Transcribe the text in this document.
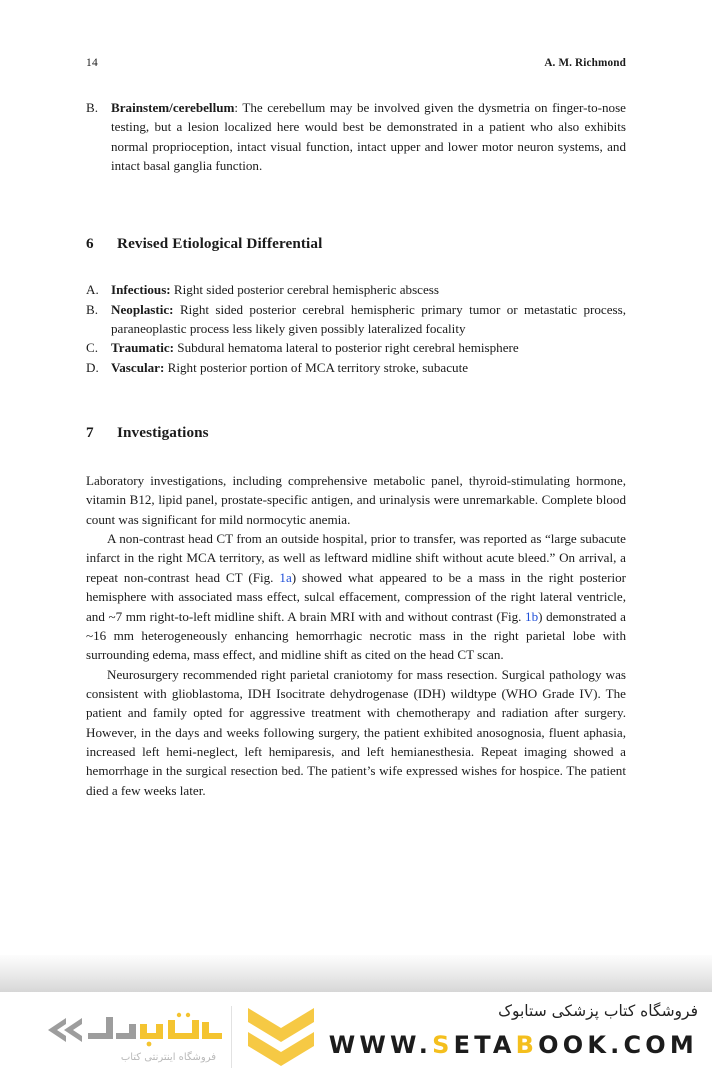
14	A. M. Richmond
B. Brainstem/cerebellum: The cerebellum may be involved given the dysmetria on finger-to-nose testing, but a lesion localized here would best be demonstrated in a patient who also exhibits normal proprioception, intact visual function, intact upper and lower motor neuron systems, and intact basal ganglia function.
6 Revised Etiological Differential
A. Infectious: Right sided posterior cerebral hemispheric abscess
B. Neoplastic: Right sided posterior cerebral hemispheric primary tumor or metastatic process, paraneoplastic process less likely given possibly lateralized focality
C. Traumatic: Subdural hematoma lateral to posterior right cerebral hemisphere
D. Vascular: Right posterior portion of MCA territory stroke, subacute
7 Investigations

Laboratory investigations, including comprehensive metabolic panel, thyroid-stimulating hormone, vitamin B12, lipid panel, prostate-specific antigen, and urinalysis were unremarkable. Complete blood count was significant for mild normocytic anemia.

A non-contrast head CT from an outside hospital, prior to transfer, was reported as “large subacute infarct in the right MCA territory, as well as leftward midline shift without acute bleed.” On arrival, a repeat non-contrast head CT (Fig. 1a) showed what appeared to be a mass in the right posterior hemisphere with associated mass effect, sulcal effacement, compression of the right lateral ventricle, and ~7 mm right-to-left midline shift. A brain MRI with and without contrast (Fig. 1b) demonstrated a ~16 mm heterogeneously enhancing hemorrhagic necrotic mass in the right parietal lobe with surrounding edema, mass effect, and midline shift as cited on the head CT scan.

Neurosurgery recommended right parietal craniotomy for mass resection. Surgical pathology was consistent with glioblastoma, IDH Isocitrate dehydrogenase (IDH) wildtype (WHO Grade IV). The patient and family opted for aggressive treatment with chemotherapy and radiation after surgery. However, in the days and weeks following surgery, the patient exhibited anosognosia, fluent aphasia, increased left hemi-neglect, left hemiparesis, and left hemianesthesia. Repeat imaging showed a hemorrhage in the surgical resection bed. The patient’s wife expressed wishes for hospice. The patient died a few weeks later.

فروشگاه اینترنتی کتاب
فروشگاه کتاب پزشکی ستابوک
WWW.SETABOOK.COM
